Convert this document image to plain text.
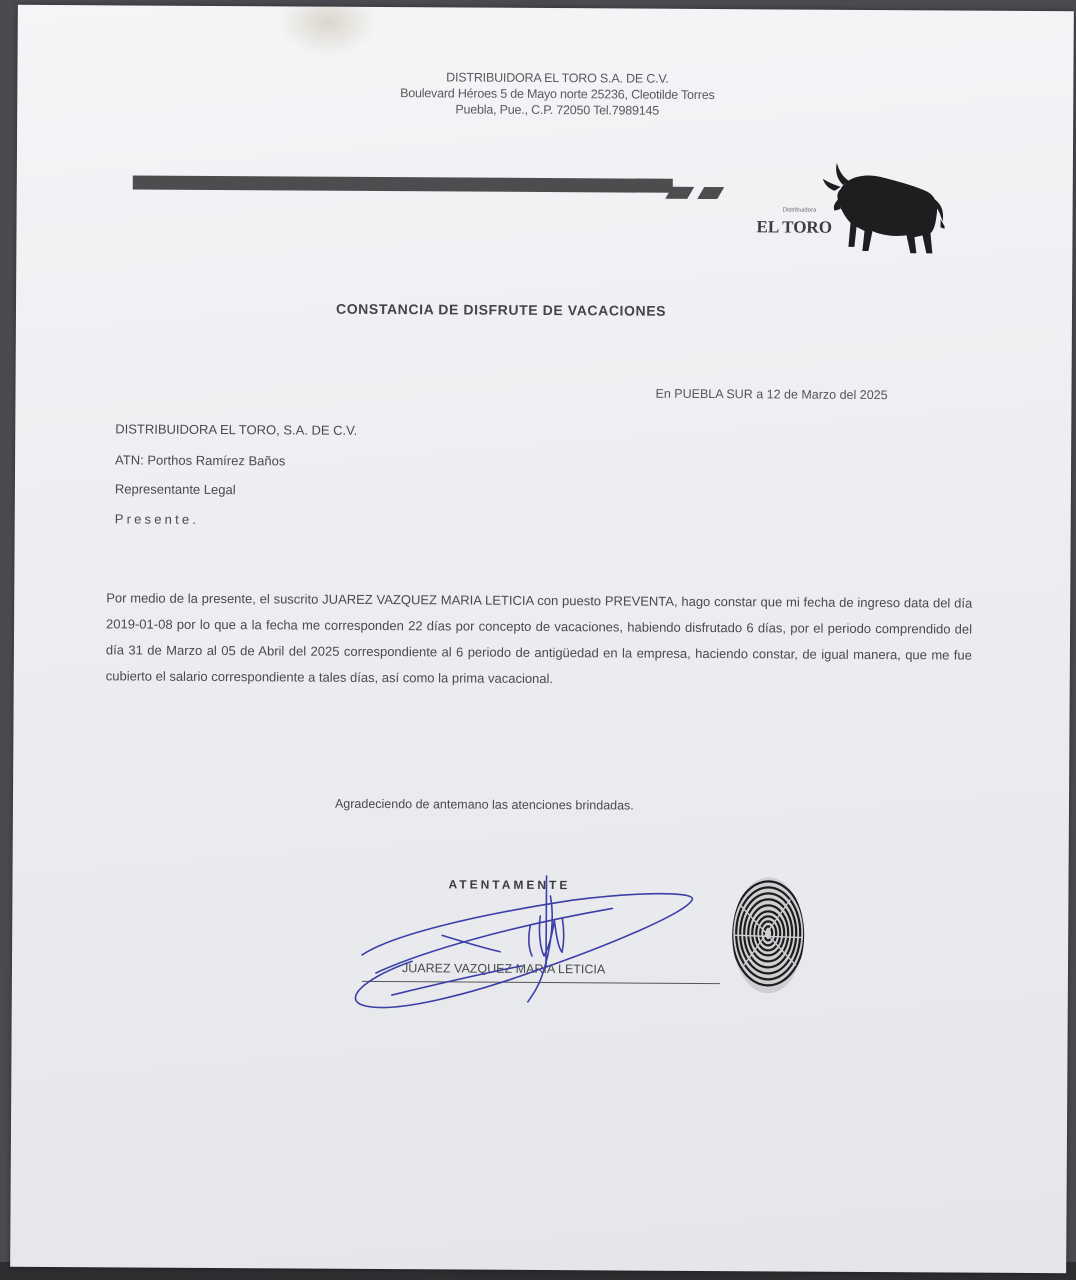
DISTRIBUIDORA EL TORO S.A. DE C.V.
Boulevard Héroes 5 de Mayo norte 25236, Cleotilde Torres
Puebla, Pue., C.P. 72050 Tel.7989145
Distribuidora
EL TORO
CONSTANCIA DE DISFRUTE DE VACACIONES
En PUEBLA SUR a 12 de Marzo del 2025
DISTRIBUIDORA EL TORO, S.A. DE C.V.
ATN: Porthos Ramírez Baños
Representante Legal
Presente.
Por medio de la presente, el suscrito JUAREZ VAZQUEZ MARIA LETICIA con puesto PREVENTA, hago constar que mi fecha de ingreso data del día 2019-01-08 por lo que a la fecha me corresponden 22 días por concepto de vacaciones, habiendo disfrutado 6 días, por el periodo comprendido del día 31 de Marzo al 05 de Abril del 2025 correspondiente al 6 periodo de antigüedad en la empresa, haciendo constar, de igual manera, que me fue cubierto el salario correspondiente a tales días, así como la prima vacacional.
Agradeciendo de antemano las atenciones brindadas.
ATENTAMENTE
JUAREZ VAZQUEZ MARIA LETICIA
